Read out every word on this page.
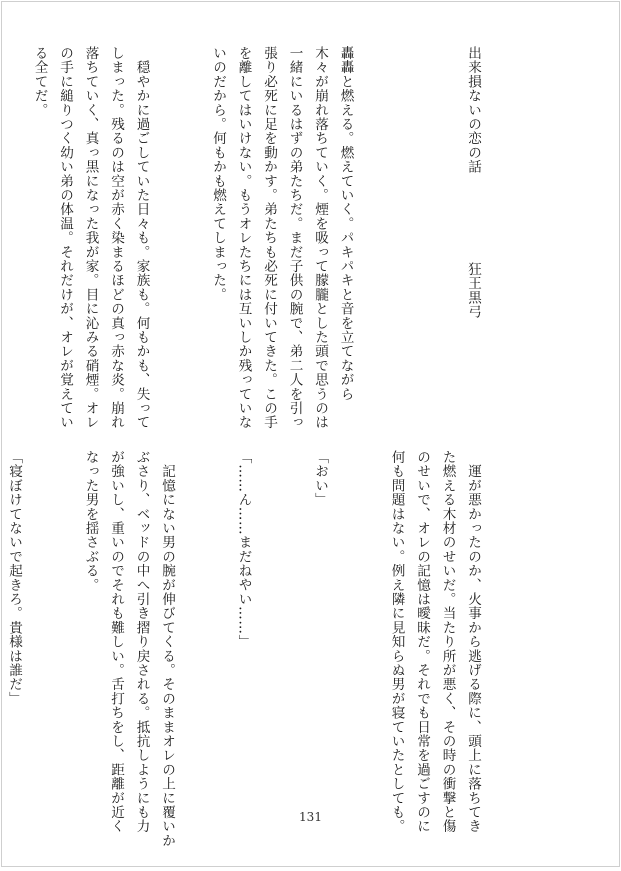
出来損ないの恋の話狂王黒弓

轟轟と燃える。燃えていく。パキパキと音を立てながら
木々が崩れ落ちていく。煙を吸って朦朧とした頭で思うのは
一緒にいるはずの弟たちだ。まだ子供の腕で、弟二人を引っ
張り必死に足を動かす。弟たちも必死に付いてきた。この手
を離してはいけない。もうオレたちには互いしか残っていな
いのだから。何もかも燃えてしまった。

　穏やかに過ごしていた日々も。家族も。何もかも、失って
しまった。残るのは空が赤く染まるほどの真っ赤な炎。崩れ
落ちていく、真っ黒になった我が家。目に沁みる硝煙。オレ
の手に縋りつく幼い弟の体温。それだけが、オレが覚えてい
る全てだ。

　運が悪かったのか、火事から逃げる際に、頭上に落ちてき
た燃える木材のせいだ。当たり所が悪く、その時の衝撃と傷
のせいで、オレの記憶は曖昧だ。それでも日常を過ごすのに
何も問題はない。例え隣に見知らぬ男が寝ていたとしても。

「おい」

「……ん……まだねやい……」

　記憶にない男の腕が伸びてくる。そのままオレの上に覆いか
ぶさり、ベッドの中へ引き摺り戻される。抵抗しようにも力
が強いし、重いのでそれも難しい。舌打ちをし、距離が近く
なった男を揺さぶる。

「寝ぼけてないで起きろ。貴様は誰だ」

131
